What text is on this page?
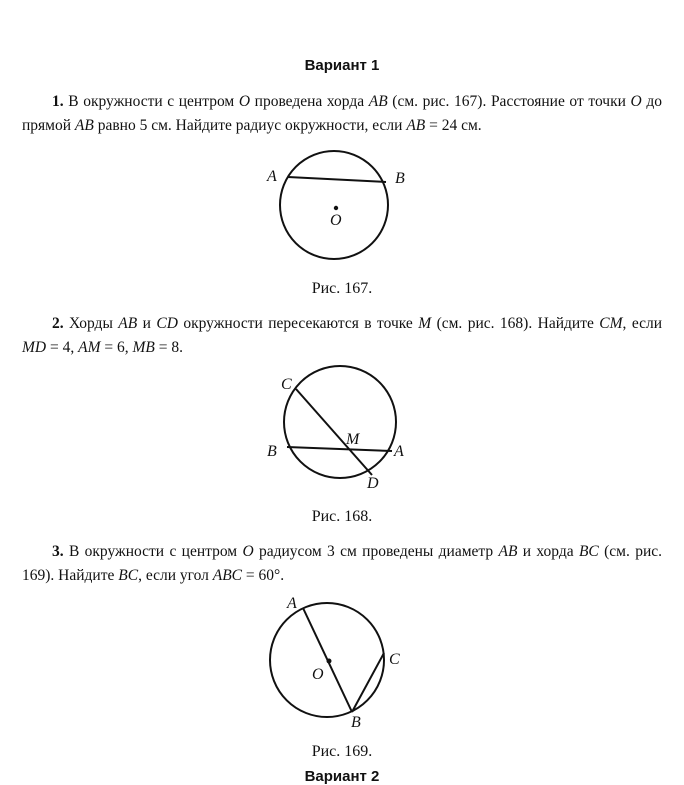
Вариант 1
1. В окружности с центром O проведена хорда AB (см. рис. 167). Расстояние от точки O до прямой AB равно 5 см. Найдите радиус окружности, если AB = 24 см.
A	B
O
Рис. 167.
2. Хорды AB и CD окружности пересекаются в точке M (см. рис. 168). Найдите CM, если MD = 4, AM = 6, MB = 8.
C
M
B	A
D
Рис. 168.
3. В окружности с центром O радиусом 3 см проведены диаметр AB и хорда BC (см. рис. 169). Найдите BC, если угол ABC = 60°.
A
O
C
B
Рис. 169.
Вариант 2
